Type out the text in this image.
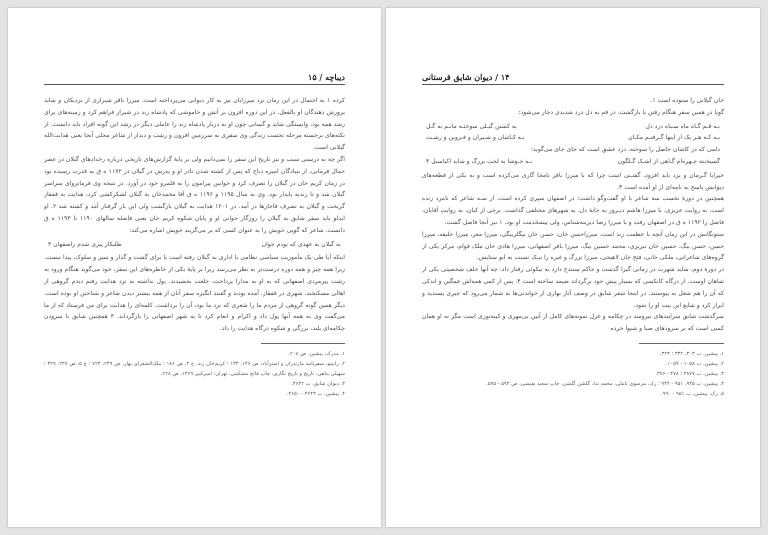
دیباچه / ۱۵

کرده ۱ به احتمال در این زمان نزد میرزایان نیز به کار دیوانی می‌پرداخته است. میرزا باقر شیرازی از نزدیکان و شاید پرورش دهندگان او بالفعل. در این دوره افزون بر آتش و خاموشی که پادشاه زند در شیراز فراهم کرد و زمینه‌های برای رشد همه بود، وابستگی شاید و گسانی چون او به دربار پادشاه زند را عاملی دیگر در رشد این گونه افراد باید دانست. از نکته‌های برجسته مرحله نخست زندگی وی سفری به سرزمین افزون و رشت و دیدار از شاعر محلی آنجا یعنی هدایت‌الله گیلانی است.

اگر چه به درستی سبب و نیز تاریخ این سفر را نمی‌دانیم ولی بر پایهٔ گزارش‌های تاریخی درباره رخدادهای گیلان در عصر جمال فرمانی، از بنیادگان امیره دباج که پس از کشته شدن نادر او و پدرش در گیلان در ۱۱۷۲ ه ق به قدرت رسیده بود در زمان کریم خان در گیلان را تصرف کرد و خوانین پیرامون را به قلمرو خود در آورد. در نتیجه وی فرمانروای سراسر گیلان شد و تا زندیه پایدار بود. وی به سال ۱۱۹۵ و ۱۱۹۶ ه ق آقا محمدخان به گیلان لشکرکشی کرد، هدایت به قفقاز گریخت و گیلان به تصرف قاجارها در آمد. در ۱۲۰۱ هدایت به گیلان بازگشت ولی این بار گرفتار آمد و کشته شد ۲. او ایدلو باید سفر شایق به گیلان را روزگار جوانی او و پایان شکوه کریم خان یعنی فاصله سالهای ۱۱۹۰ تا ۱۱۹۳ ه ق دانست. شاعر که گویی خویش را به عنوان کسی که بر می‌گزیند خویش اشاره می‌کند:

به گیلان به عهدی که بودم جوان
طلبکار پیری شدم زاصفهان ۳

اینکه آیا طی یک مأموریت سیاسی نظامی یا اداری به گیلان رفته است یا برای گشت و گذار و سیر و سلوک، پیدا نیست. زیرا همه چیز و همه دوره درست‌تر به نظر می‌رسد زیرا بر پایهٔ یکی از خاطره‌های این سفر، خود می‌گوید هنگام ورود به رشت پیرمردی اصفهانی که به او به مدارا پرداخت، خلعت بخشیدند. پول نداشته به نزد هدایت رفتم دیدم گروهی از اهالی مسکنجند، شهری در قفقاز، آمده بودند و گفتند انگیزه سفر آنان از همه بیشتر دیدن شاعر و شناختن او بوده است. دیگر همین گونه گروهی از مردم ما را شعری که نزد ما بود، آن را برداشت. کلمه‌ای را هدایت برای من فرستاد که از ما می‌گفت وی به همه آنها پول داد و اکرام و انعام کرد تا به شهر اصفهانی را بازگرداند. ۴ همچنین شایق با سرودن چکامه‌ای بلند، بزرگی و شکوه درگاه هدایت را داد.

۱. مدرک، پیشین، ص ۲۰۸.

۲. رابینو، سفرنامه مازندران و استرآباد، ص ۱۴۶، ۱۳۴ ؛ کریم‌خان زند، ج ۴، ص ۱۸۶ ؛ ملک‌الشعرای بهار، ص ۲۴۹، ۷۲۴ ؛ ج ۵، ص ۲۳۸، ۳۲۹ ؛ سهیلی بناهی، تاریخ و تاریخ نگاری، چاپ فاتح مشکینی، تهران: امیرکبیر ۱۳۶۹، ص ۲۲۸.

۳. دیوان شایق، ب ۴۶۴۲.

۴. پیشین، ب ۴۶۴۳ - ۴۶۵۰.

۱۴ / دیوان شایق قرستانی

خان گیلانی را ستوده است ۱.

گویا در همین سفر هنگام رفتن یا بازگشت، در قم به دل درد شدیدی دچار می‌شود:

بـه قـم گـاه ماه سـباه درد دل
به کشتن گیـلی سوختـه مانـم به گـل
بـه کـه هـر یک از اینها گـرفتـم مکـان
بـه کـاشان و شـیران و قـزوین و رشـت
دلمی که در کاشان حاصل را سوخته، درد عشق است که جای جای می‌گوید:
گسیخـته چـهره‌ام گـاهی از اشـک گـلگون
بـه خـوشا به لخت بزرگ و شاید اکیاسبل ۳

خیرایا گـرمان و یزد باید افزود. گفتـنی است چرا که با میرزا باقر نامجا گاری می‌کرده است و به یکی از قطعه‌های دیوانش پاسخ به نامه‌ای از او آمده است ۳.

همچنین در دورهٔ نخست سه شاعر با او گفت‌وگو داشت: در اصفهان سپری کرده است، از سـه شاعر که نامزد زنده است. به روایت عزیزی، با میرزا هاشم دیـروز به خانهٔ دل، به شهرهای مختلفی گذاشت. برخی از کیان، به روایت آقایان، فاضل را ۱۱۹۲ ه ق در اصفهان رفت و با میرزا رضا دیرینه‌شناس، ولی پیشخدمت او بود. ۱ نیز آنجا فاضل گشت.

ستونگانش در این زمان آنچه با عظمت زند است. میرزاحسن خان، حسن خان بیگلربیگی، میرزا معز، میرزا خلیفه، میرزا حسن، حسن بیگ، حسین خان تبریزی، محمد حسین بیگ، میرزا باقر اصفهانی، میرزا هادی خان ملک قوام، مرکز یکی از گروه‌های شاعرانی، ملکی خانی، فتح خان لاهیجی، میرزا بزرگ و غیره را نیـک نسبت به ابو ستایش.

در دورهٔ دوم، شاید شهرت در زمانی گیرا گذشت و حاکم سنندج دارد به نیکوئی رفتار داد، چه آنها خلف شخصیتی یکی از شاهان اوست. از درگاه کانکسی که بسیار پیش خود برگرداند ضیمد ساخته است ۴. پس از کمی همه‌اش غمگین و اندکی که آن را هم شغل به پیوستند. در اینجا شعر شایق در وصف آثار بهاری از خواندنی‌ها به شمار می‌رود که چیزی پسندید و ابراز کرد و شایع این بیت او را نمود.

سرگذشت شایق سرایندهای نیرومند در چکامه و غزل نمونه‌های کامل از آیین بی‌مهری و کینه‌توزی است مگر نه او همان کسی است که بر سرودهای صبا و شیوا خرده

۱. پیشین، ب ۳۰۳، ۳۳۲ ؛ ۳۲۳.

۲. پیشین، ب ۱۰۵۸ - ۱۰۵۹.

۳. پیشین، ب ۳۸۷۷ ؛ ۴۷۸ - ۳۷۶.

۴. پیشین، ب ۹۴۵، ۹۵۱ - ۹۴۴ ؛ رک. مرسوی تاملی، محمد ندا، گلشن گلشن، چاپ سعید نفیسی، ص ۵۹۴ - ۵۹۵.

۵. رک. پیشین، ب ۹۵۱ - ۹۹۰.
